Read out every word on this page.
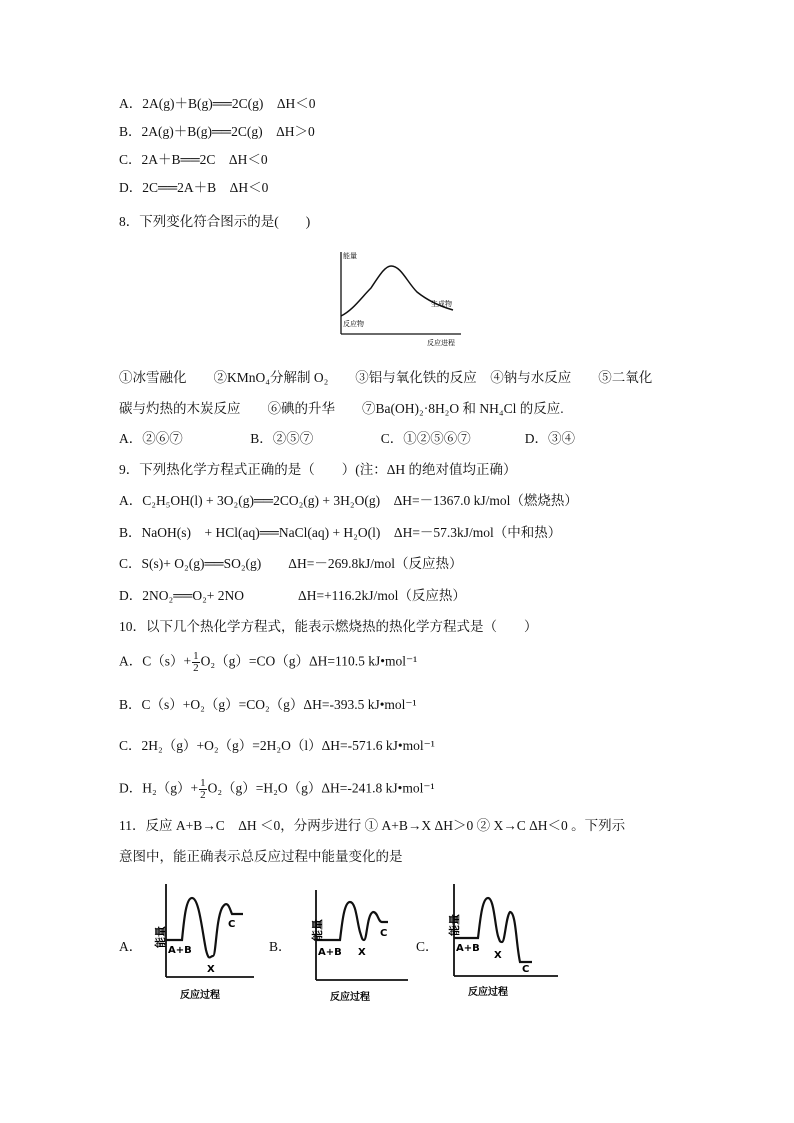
A．2A(g)＋B(g)══2C(g)　ΔH＜0
B．2A(g)＋B(g)══2C(g)　ΔH＞0
C．2A＋B══2C　ΔH＜0
D．2C══2A＋B　ΔH＜0
8．下列变化符合图示的是(　　)
能量
反应物
生成物
反应进程
①冰雪融化　　②KMnO₄分解制 O₂　　③铝与氧化铁的反应　④钠与水反应　　⑤二氧化
碳与灼热的木炭反应　　⑥碘的升华　　⑦Ba(OH)₂·8H₂O 和 NH₄Cl 的反应.
A．②⑥⑦　　　　　B．②⑤⑦　　　　　C．①②⑤⑥⑦　　　　D．③④
9．下列热化学方程式正确的是（　　）(注：ΔH 的绝对值均正确）
A．C₂H₅OH(l) + 3O₂(g)══2CO₂(g) + 3H₂O(g)　ΔH=－1367.0 kJ/mol（燃烧热）
B．NaOH(s)　+ HCl(aq)══NaCl(aq) + H₂O(l)　ΔH=－57.3kJ/mol（中和热）
C．S(s)+ O₂(g)══SO₂(g)　　ΔH=－269.8kJ/mol（反应热）
D．2NO₂══O₂+ 2NO　　　　ΔH=+116.2kJ/mol（反应热）
10．以下几个热化学方程式，能表示燃烧热的热化学方程式是（　　）
A．$C(s)+ \frac{1}{2} O_2(g)=CO(g)\Delta H=110.5$ kJ•mol⁻¹
B．C（s）+O₂（g）=CO₂（g）ΔH=-393.5 kJ•mol⁻¹
C．2H₂（g）+O₂（g）=2H₂O（l）ΔH=-571.6 kJ•mol⁻¹
D．$H_2(g)+ \frac{1}{2} O_2(g)=H_2O(g)\Delta H=-241.8$ kJ•mol⁻¹
11．反应 A+B→C　ΔH ＜0，分两步进行 ① A+B→X ΔH＞0 ② X→C ΔH＜0 。下列示
意图中，能正确表示总反应过程中能量变化的是
A．	B．	C．
能量
A+B
X
C
反应过程
能量
A+B X
C
反应过程
能量
A+B
X
C
反应过程
